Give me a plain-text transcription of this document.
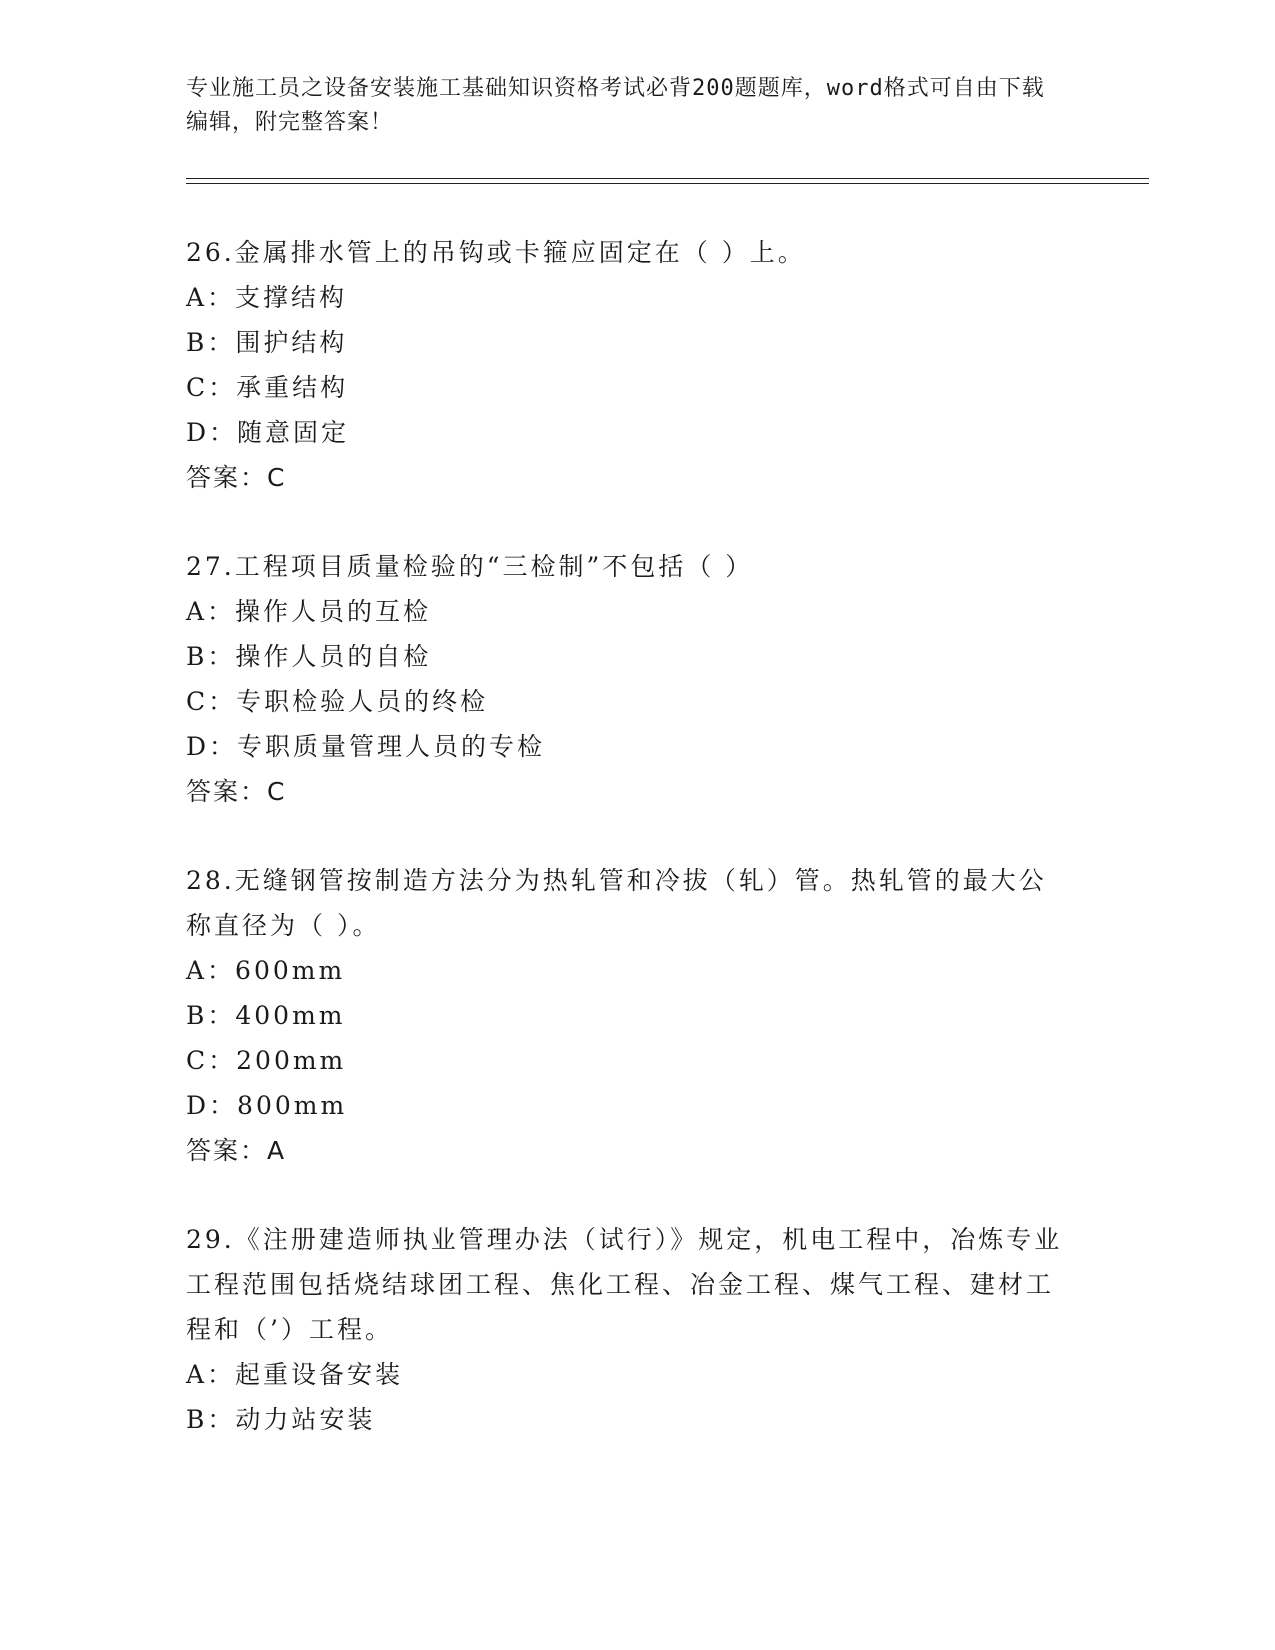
专业施工员之设备安装施工基础知识资格考试必背200题题库，word格式可自由下载编辑，附完整答案！

26.金属排水管上的吊钩或卡箍应固定在（ ）上。

A：支撑结构
B：围护结构
C：承重结构
D：随意固定
答案：C

27.工程项目质量检验的“三检制”不包括（ ）

A：操作人员的互检
B：操作人员的自检
C：专职检验人员的终检
D：专职质量管理人员的专检
答案：C

28.无缝钢管按制造方法分为热轧管和冷拔（轧）管。热轧管的最大公称直径为（ ）。

A：600mm
B：400mm
C：200mm
D：800mm
答案：A

29.《注册建造师执业管理办法（试行）》规定，机电工程中，冶炼专业工程范围包括烧结球团工程、焦化工程、冶金工程、煤气工程、建材工程和（’）工程。

A：起重设备安装
B：动力站安装
